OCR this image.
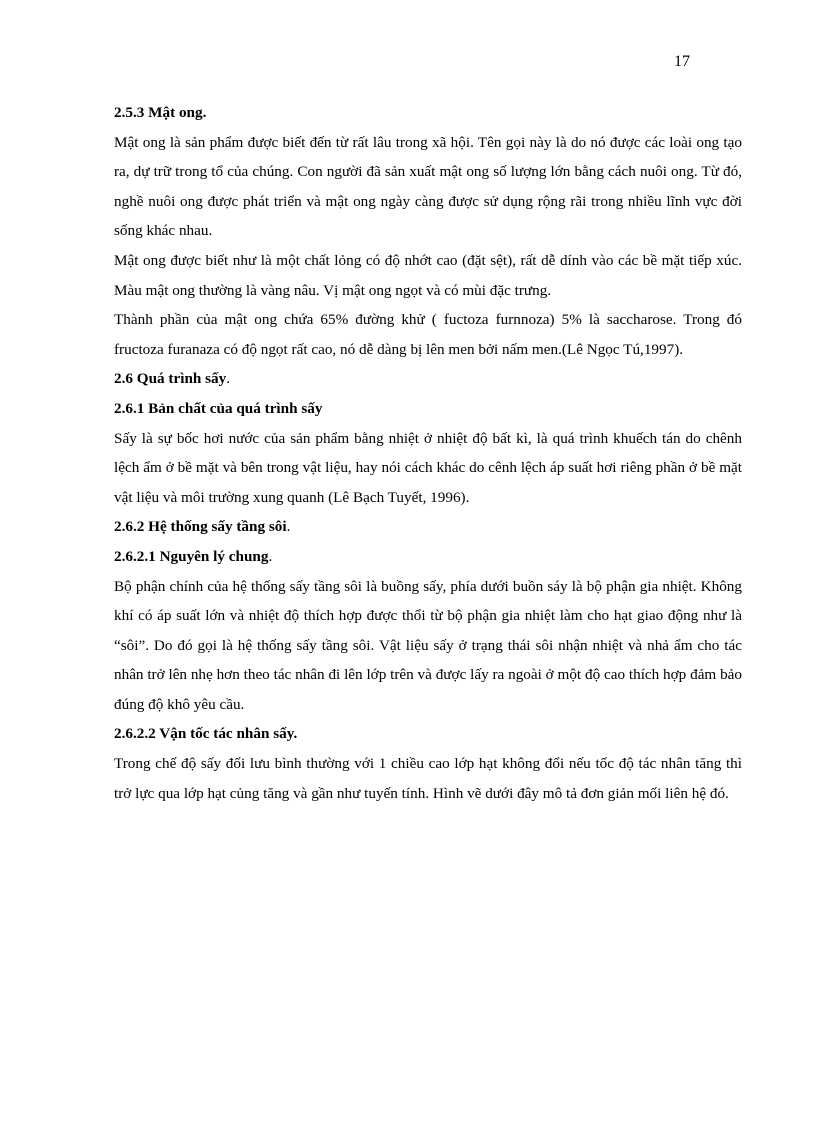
17

2.5.3 Mật ong.

Mật ong là sản phẩm được biết đến từ rất lâu trong xã hội. Tên gọi này là do nó được các loài ong tạo ra, dự trữ trong tổ của chúng. Con người đã sản xuất mật ong số lượng lớn bằng cách nuôi ong. Từ đó, nghề nuôi ong được phát triển và mật ong ngày càng được sử dụng rộng rãi trong nhiều lĩnh vực đời sống khác nhau.

Mật ong được biết như là một chất lỏng có độ nhớt cao (đặt sệt), rất dễ dính vào các bề mặt tiếp xúc. Màu mật ong thường là vàng nâu. Vị mật ong ngọt và có mùi đặc trưng.

Thành phần của mật ong chứa 65% đường khử ( fuctoza furnnoza) 5% là saccharose. Trong đó fructoza furanaza có độ ngọt rất cao, nó dễ dàng bị lên men bởi nấm men.(Lê Ngọc Tú,1997).

2.6 Quá trình sấy.

2.6.1 Bản chất của quá trình sấy

Sấy là sự bốc hơi nước của sản phẩm bằng nhiệt ở nhiệt độ bất kì, là quá trình khuếch tán do chênh lệch ẩm ở bề mặt và bên trong vật liệu, hay nói cách khác do cênh lệch áp suất hơi riêng phần ở bề mặt vật liệu và môi trường xung quanh (Lê Bạch Tuyết, 1996).

2.6.2 Hệ thống sấy tầng sôi.

2.6.2.1 Nguyên lý chung.

Bộ phận chính của hệ thống sấy tầng sôi là buồng sấy, phía dưới buồn sáy là bộ phận gia nhiệt. Không khí có áp suất lớn và nhiệt độ thích hợp được thổi từ bộ phận gia nhiệt làm cho hạt giao động như là “sôi”. Do đó gọi là hệ thống sấy tầng sôi. Vật liệu sấy ở trạng thái sôi nhận nhiệt và nhả ẩm cho tác nhân trở lên nhẹ hơn theo tác nhân đi lên lớp trên và được lấy ra ngoài ở một độ cao thích hợp đảm bảo đúng độ khô yêu cầu.

2.6.2.2 Vận tốc tác nhân sấy.

Trong chế độ sấy đối lưu bình thường với 1 chiều cao lớp hạt không đổi nếu tốc độ tác nhân tăng thì trở lực qua lớp hạt củng tăng và gần như tuyến tính. Hình vẽ dưới đây mô tả đơn giản mối liên hệ đó.
